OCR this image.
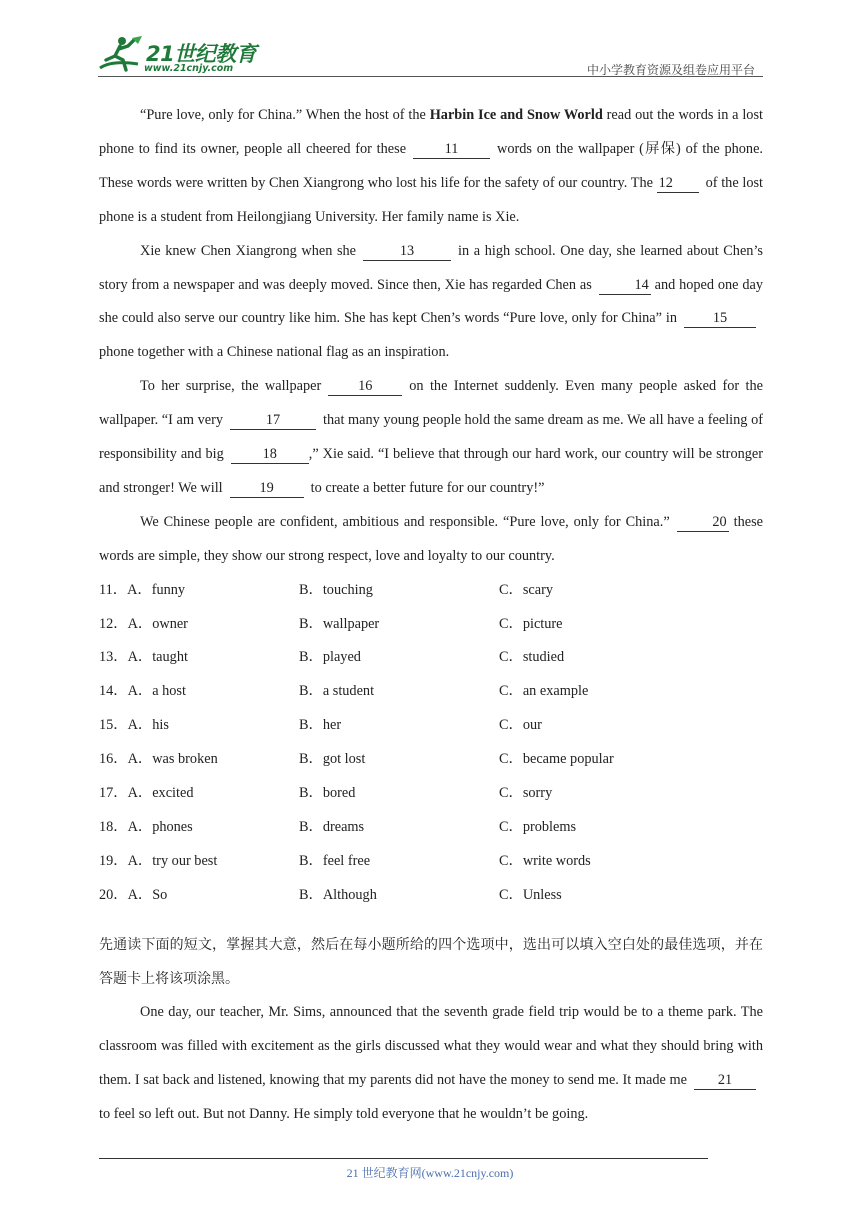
21世纪教育
www.21cnjy.com	中小学教育资源及组卷应用平台

“Pure love, only for China.” When the host of the Harbin Ice and Snow World read out the words in a lost phone to find its owner, people all cheered for these	11	words on the wallpaper (屏保) of the phone. These words were written by Chen Xiangrong who lost his life for the safety of our country. The 12 of the lost phone is a student from Heilongjiang University. Her family name is Xie.

Xie knew Chen Xiangrong when she	13	in a high school. One day, she learned about Chen’s story from a newspaper and was deeply moved. Since then, Xie has regarded Chen as	14 and hoped one day she could also serve our country like him. She has kept Chen’s words “Pure love, only for China” in	15phone together with a Chinese national flag as an inspiration.

To her surprise, the wallpaper	16	on the Internet suddenly. Even many people asked for the wallpaper. “I am very	17	that many young people hold the same dream as me. We all have a feeling of responsibility and big	18 ,” Xie said. “I believe that through our hard work, our country will be stronger and stronger! We will	19	to create a better future for our country!”

We Chinese people are confident, ambitious and responsible. “Pure love, only for China.”	20 these words are simple, they show our strong respect, love and loyalty to our country.

11．A．funny	B．touching	C．scary
12．A．owner	B．wallpaper	C．picture
13．A．taught	B．played	C．studied
14．A．a host	B．a student	C．an example
15．A．his	B．her	C．our
16．A．was broken	B．got lost	C．became popular
17．A．excited	B．bored	C．sorry
18．A．phones	B．dreams	C．problems
19．A．try our best	B．feel free	C．write words
20．A．So	B．Although	C．Unless

先通读下面的短文，掌握其大意，然后在每小题所给的四个选项中，选出可以填入空白处的最佳选项，并在答题卡上将该项涂黑。

One day, our teacher, Mr. Sims, announced that the seventh grade field trip would be to a theme park. The classroom was filled with excitement as the girls discussed what they would wear and what they should bring with them. I sat back and listened, knowing that my parents did not have the money to send me. It made me 21to feel so left out. But not Danny. He simply told everyone that he wouldn’t be going.

21 世纪教育网(www.21cnjy.com)
